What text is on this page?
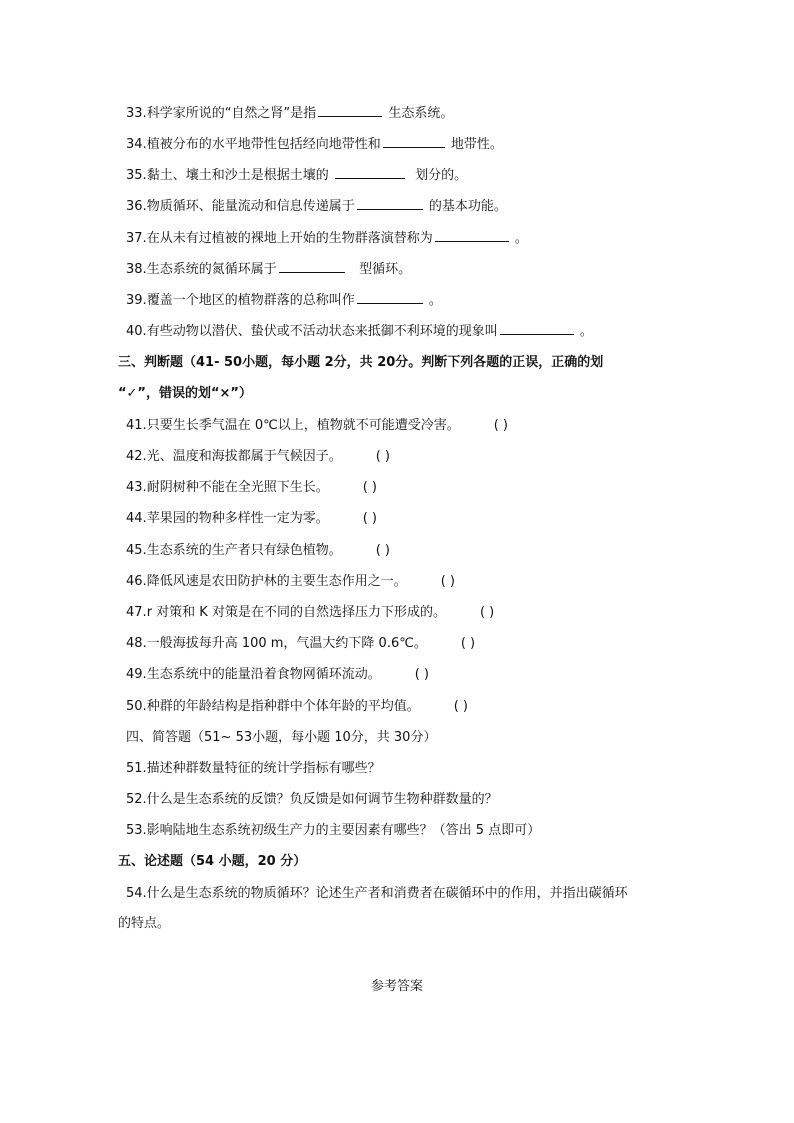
33.科学家所说的“自然之肾”是指	生态系统。
34.植被分布的水平地带性包括经向地带性和	地带性。
35.黏土、壤土和沙土是根据土壤的	划分的。
36.物质循环、能量流动和信息传递属于	的基本功能。
37.在从未有过植被的裸地上开始的生物群落演替称为	。
38.生态系统的氮循环属于	型循环。
39.覆盖一个地区的植物群落的总称叫作	。
40.有些动物以潜伏、蛰伏或不活动状态来抵御不利环境的现象叫	。
三、判断题（41- 50小题，每小题 2分，共 20分。判断下列各题的正误，正确的划
“✓”，错误的划“×”）
41.只要生长季气温在 0℃以上，植物就不可能遭受冷害。	( )
42.光、温度和海拔都属于气候因子。	( )
43.耐阴树种不能在全光照下生长。	( )
44.苹果园的物种多样性一定为零。	( )
45.生态系统的生产者只有绿色植物。	( )
46.降低风速是农田防护林的主要生态作用之一。	( )
47.r 对策和 K 对策是在不同的自然选择压力下形成的。	( )
48.一般海拔每升高 100 m，气温大约下降 0.6℃。	( )
49.生态系统中的能量沿着食物网循环流动。	( )
50.种群的年龄结构是指种群中个体年龄的平均值。	( )
四、简答题（51~ 53小题，每小题 10分，共 30分）
51.描述种群数量特征的统计学指标有哪些？
52.什么是生态系统的反馈？负反馈是如何调节生物种群数量的？
53.影响陆地生态系统初级生产力的主要因素有哪些？（答出 5 点即可）
五、论述题（54 小题，20 分）
54.什么是生态系统的物质循环？论述生产者和消费者在碳循环中的作用，并指出碳循环
的特点。
参考答案
